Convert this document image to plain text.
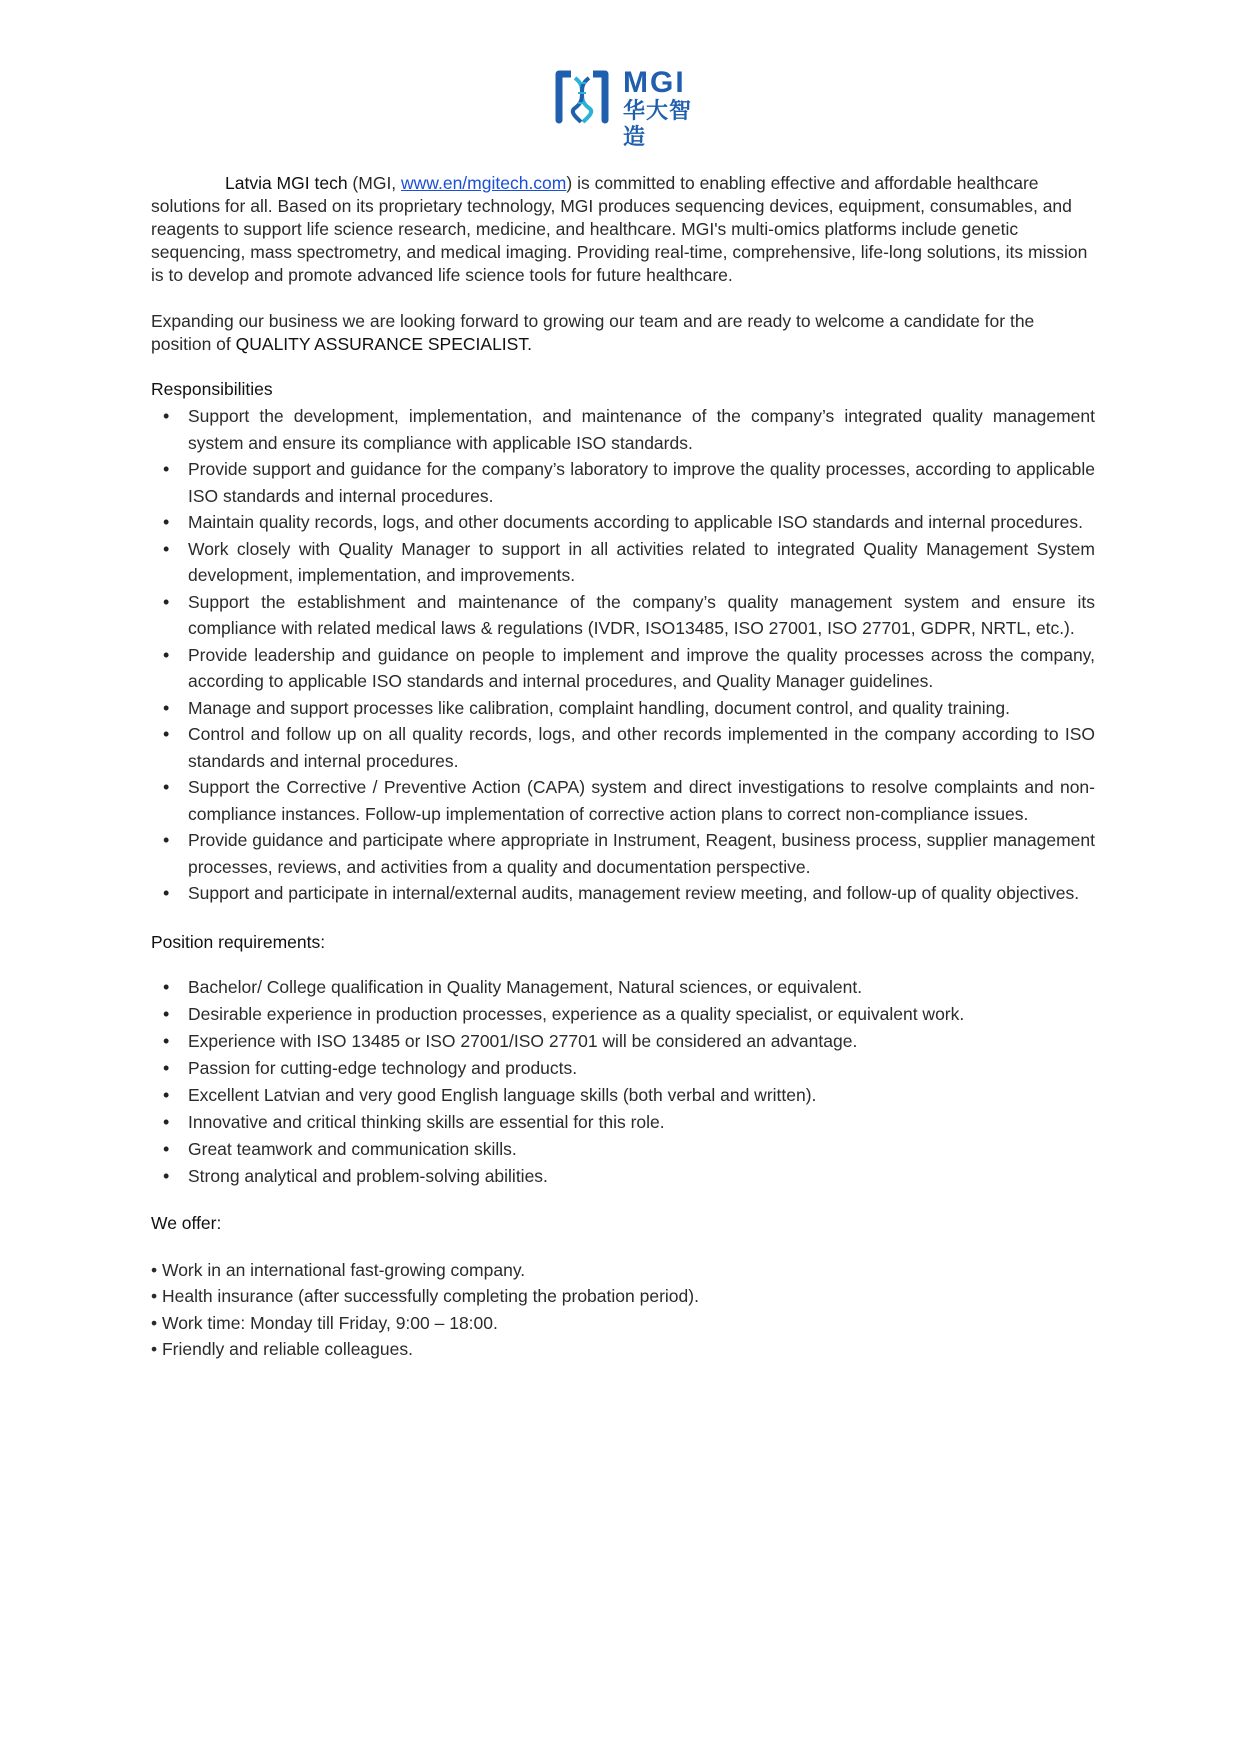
MGI
华大智造

Latvia MGI tech (MGI, www.en/mgitech.com) is committed to enabling effective and affordable healthcare solutions for all. Based on its proprietary technology, MGI produces sequencing devices, equipment, consumables, and reagents to support life science research, medicine, and healthcare. MGI's multi-omics platforms include genetic sequencing, mass spectrometry, and medical imaging. Providing real-time, comprehensive, life-long solutions, its mission is to develop and promote advanced life science tools for future healthcare.

Expanding our business we are looking forward to growing our team and are ready to welcome a candidate for the position of QUALITY ASSURANCE SPECIALIST.

Responsibilities
• Support the development, implementation, and maintenance of the company’s integrated quality management system and ensure its compliance with applicable ISO standards.
• Provide support and guidance for the company’s laboratory to improve the quality processes, according to applicable ISO standards and internal procedures.
• Maintain quality records, logs, and other documents according to applicable ISO standards and internal procedures.
• Work closely with Quality Manager to support in all activities related to integrated Quality Management System development, implementation, and improvements.
• Support the establishment and maintenance of the company’s quality management system and ensure its compliance with related medical laws & regulations (IVDR, ISO13485, ISO 27001, ISO 27701, GDPR, NRTL, etc.).
• Provide leadership and guidance on people to implement and improve the quality processes across the company, according to applicable ISO standards and internal procedures, and Quality Manager guidelines.
• Manage and support processes like calibration, complaint handling, document control, and quality training.
• Control and follow up on all quality records, logs, and other records implemented in the company according to ISO standards and internal procedures.
• Support the Corrective / Preventive Action (CAPA) system and direct investigations to resolve complaints and non-compliance instances. Follow-up implementation of corrective action plans to correct non-compliance issues.
• Provide guidance and participate where appropriate in Instrument, Reagent, business process, supplier management processes, reviews, and activities from a quality and documentation perspective.
• Support and participate in internal/external audits, management review meeting, and follow-up of quality objectives.
Position requirements:
• Bachelor/ College qualification in Quality Management, Natural sciences, or equivalent.
• Desirable experience in production processes, experience as a quality specialist, or equivalent work.
• Experience with ISO 13485 or ISO 27001/ISO 27701 will be considered an advantage.
• Passion for cutting-edge technology and products.
• Excellent Latvian and very good English language skills (both verbal and written).
• Innovative and critical thinking skills are essential for this role.
• Great teamwork and communication skills.
• Strong analytical and problem-solving abilities.
We offer:
• Work in an international fast-growing company.
• Health insurance (after successfully completing the probation period).
• Work time: Monday till Friday, 9:00 – 18:00.
• Friendly and reliable colleagues.
